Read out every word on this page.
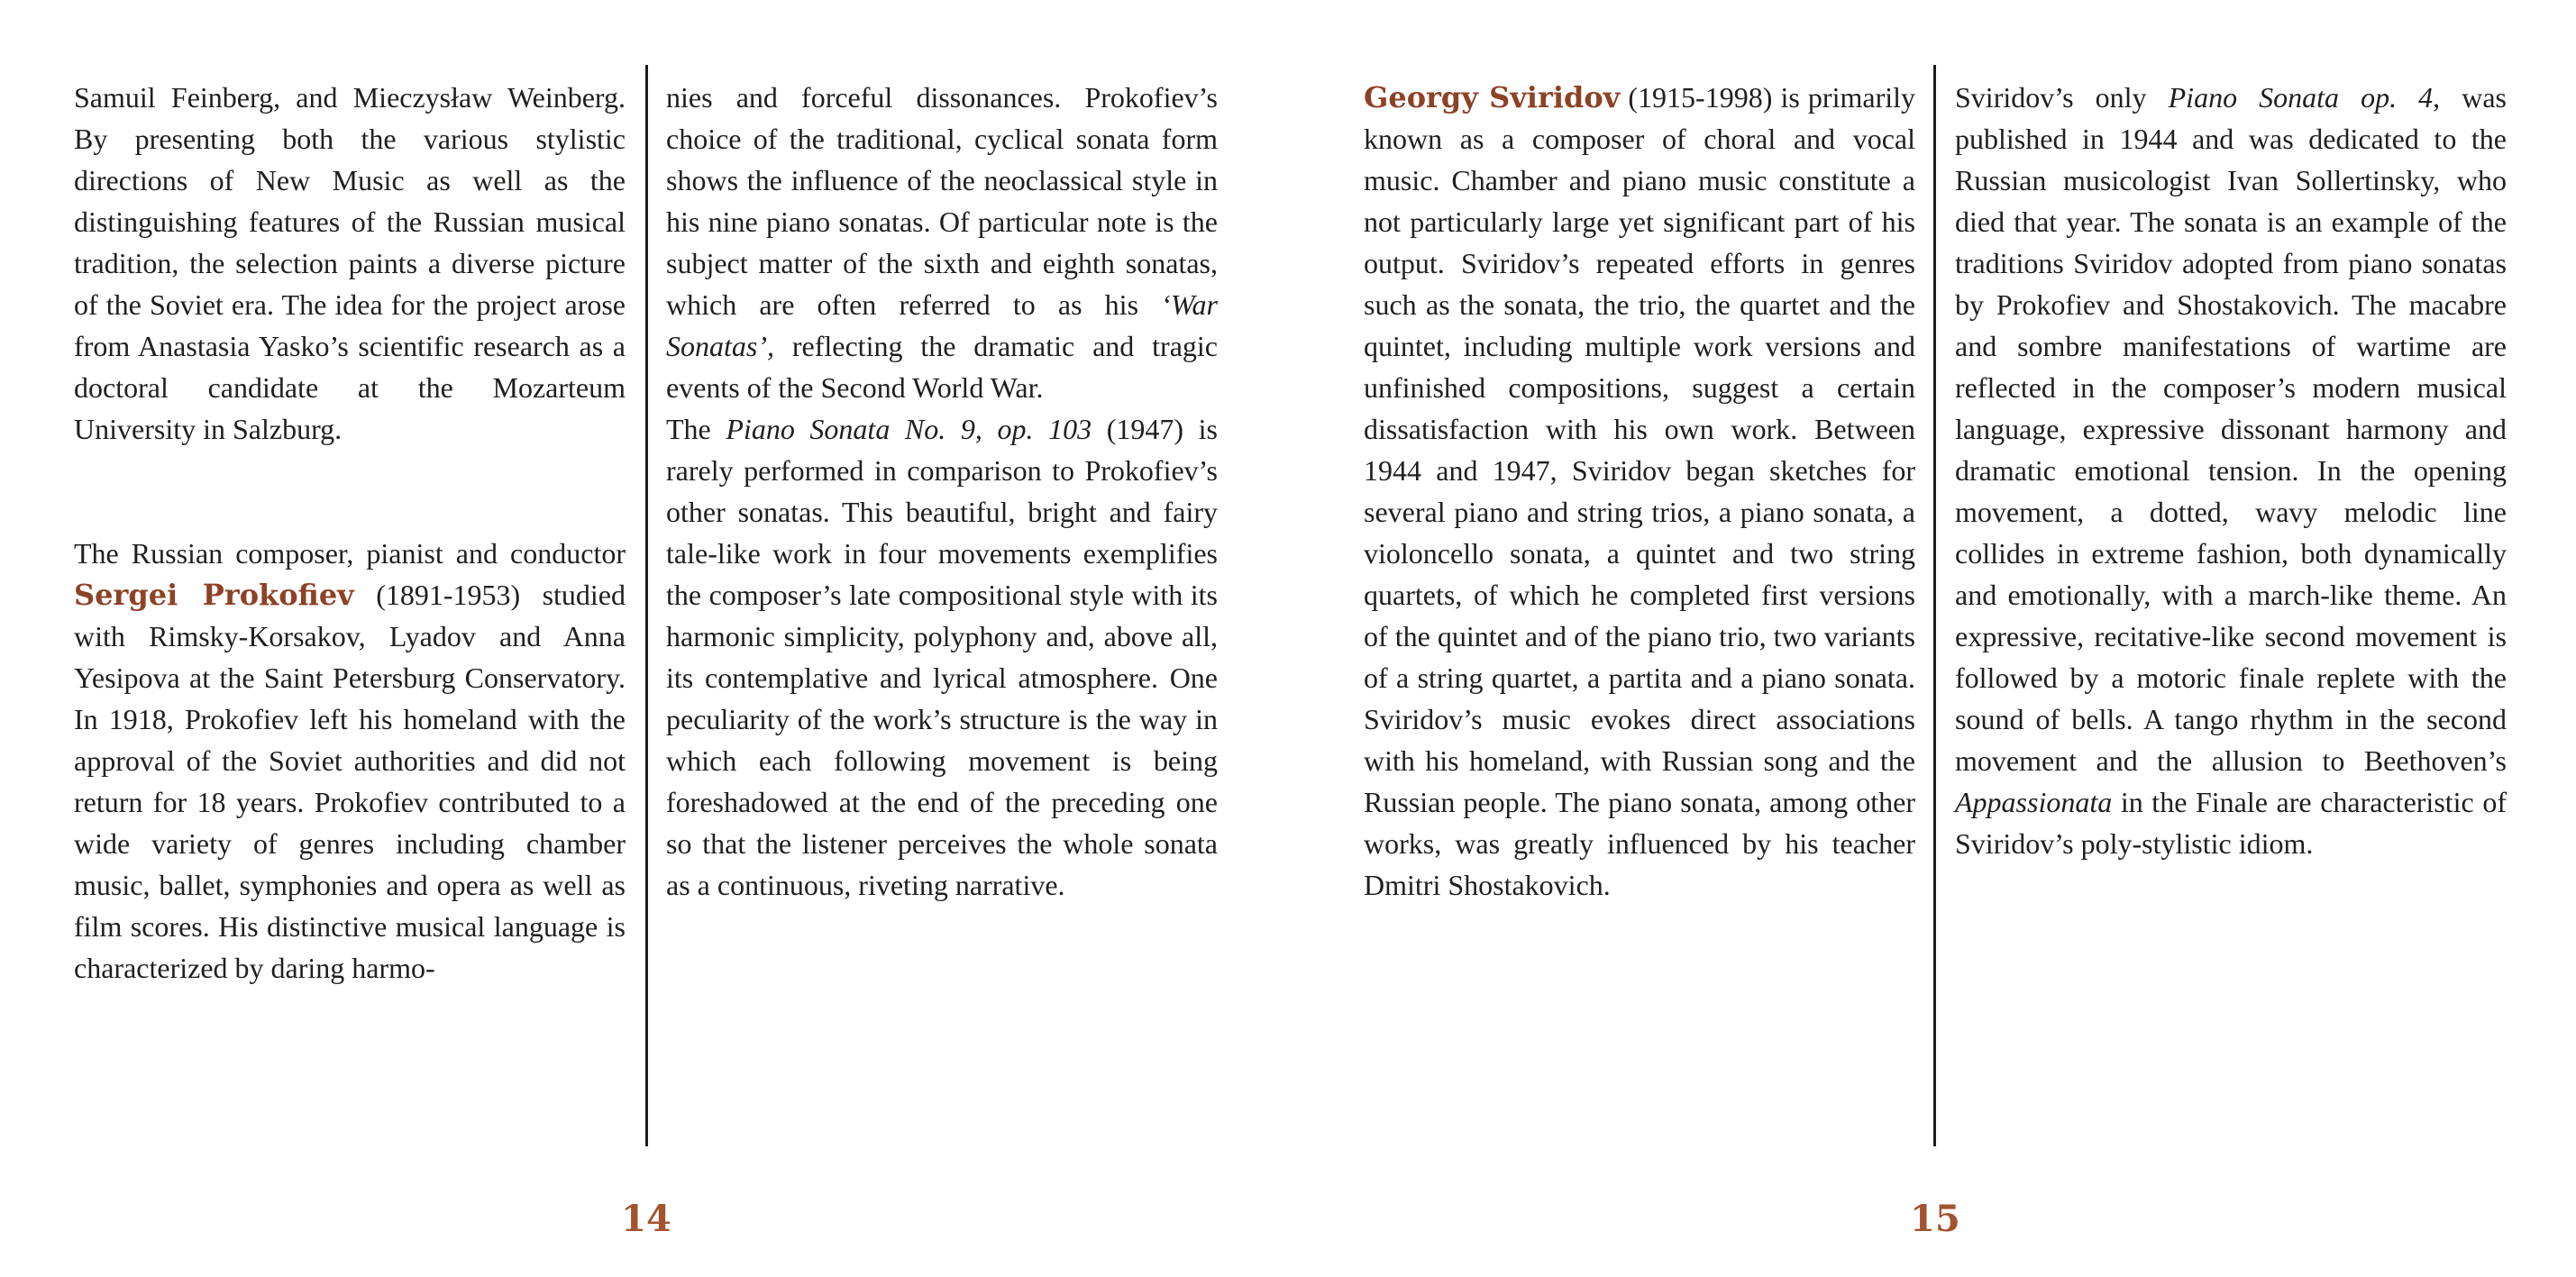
Samuil Feinberg, and Mieczysław Weinberg. By presenting both the various stylistic directions of New Music as well as the distinguishing features of the Russian musical tradition, the selection paints a diverse picture of the Soviet era. The idea for the project arose from Anastasia Yasko’s scientific research as a doctoral candidate at the Mozarteum University in Salzburg.

The Russian composer, pianist and conductor Sergei Prokofiev (1891-1953) studied with Rimsky-Korsakov, Lyadov and Anna Yesipova at the Saint Petersburg Conservatory. In 1918, Prokofiev left his homeland with the approval of the Soviet authorities and did not return for 18 years. Prokofiev contributed to a wide variety of genres including chamber music, ballet, symphonies and opera as well as film scores. His distinctive musical language is characterized by daring harmo-

nies and forceful dissonances. Prokofiev’s choice of the traditional, cyclical sonata form shows the influence of the neoclassical style in his nine piano sonatas. Of particular note is the subject matter of the sixth and eighth sonatas, which are often referred to as his ‘War Sonatas’, reflecting the dramatic and tragic events of the Second World War.

The Piano Sonata No. 9, op. 103 (1947) is rarely performed in comparison to Prokofiev’s other sonatas. This beautiful, bright and fairy tale-like work in four movements exemplifies the composer’s late compositional style with its harmonic simplicity, polyphony and, above all, its contemplative and lyrical atmosphere. One peculiarity of the work’s structure is the way in which each following movement is being foreshadowed at the end of the preceding one so that the listener perceives the whole sonata as a continuous, riveting narrative.

14

Georgy Sviridov (1915-1998) is primarily known as a composer of choral and vocal music. Chamber and piano music constitute a not particularly large yet significant part of his output. Sviridov’s repeated efforts in genres such as the sonata, the trio, the quartet and the quintet, including multiple work versions and unfinished compositions, suggest a certain dissatisfaction with his own work. Between 1944 and 1947, Sviridov began sketches for several piano and string trios, a piano sonata, a violoncello sonata, a quintet and two string quartets, of which he completed first versions of the quintet and of the piano trio, two variants of a string quartet, a partita and a piano sonata. Sviridov’s music evokes direct associations with his homeland, with Russian song and the Russian people. The piano sonata, among other works, was greatly influenced by his teacher Dmitri Shostakovich.

Sviridov’s only Piano Sonata op. 4, was published in 1944 and was dedicated to the Russian musicologist Ivan Sollertinsky, who died that year. The sonata is an example of the traditions Sviridov adopted from piano sonatas by Prokofiev and Shostakovich. The macabre and sombre manifestations of wartime are reflected in the composer’s modern musical language, expressive dissonant harmony and dramatic emotional tension. In the opening movement, a dotted, wavy melodic line collides in extreme fashion, both dynamically and emotionally, with a march-like theme. An expressive, recitative-like second movement is followed by a motoric finale replete with the sound of bells. A tango rhythm in the second movement and the allusion to Beethoven’s Appassionata in the Finale are characteristic of Sviridov’s poly-stylistic idiom.

15
